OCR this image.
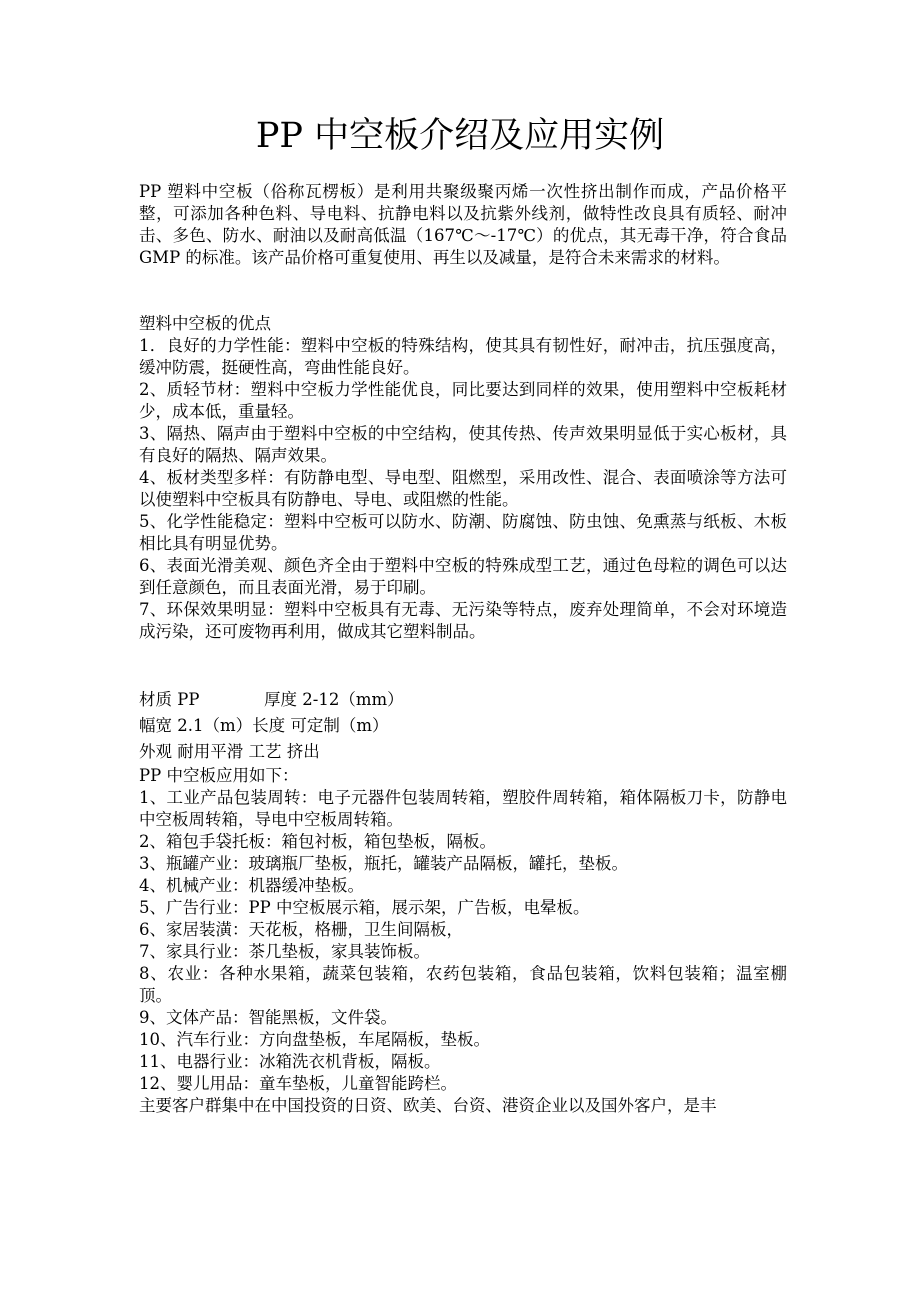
PP 中空板介绍及应用实例

PP 塑料中空板（俗称瓦楞板）是利用共聚级聚丙烯一次性挤出制作而成，产品价格平整，可添加各种色料、导电料、抗静电料以及抗紫外线剂，做特性改良具有质轻、耐冲击、多色、防水、耐油以及耐高低温（167℃～-17℃）的优点，其无毒干净，符合食品 GMP 的标准。该产品价格可重复使用、再生以及减量，是符合未来需求的材料。

塑料中空板的优点

1．良好的力学性能：塑料中空板的特殊结构，使其具有韧性好，耐冲击，抗压强度高，缓冲防震，挺硬性高，弯曲性能良好。

2、质轻节材：塑料中空板力学性能优良，同比要达到同样的效果，使用塑料中空板耗材少，成本低，重量轻。

3、隔热、隔声由于塑料中空板的中空结构，使其传热、传声效果明显低于实心板材，具有良好的隔热、隔声效果。

4、板材类型多样：有防静电型、导电型、阻燃型，采用改性、混合、表面喷涂等方法可以使塑料中空板具有防静电、导电、或阻燃的性能。

5、化学性能稳定：塑料中空板可以防水、防潮、防腐蚀、防虫蚀、免熏蒸与纸板、木板相比具有明显优势。

6、表面光滑美观、颜色齐全由于塑料中空板的特殊成型工艺，通过色母粒的调色可以达到任意颜色，而且表面光滑，易于印刷。

7、环保效果明显：塑料中空板具有无毒、无污染等特点，废弃处理简单，不会对环境造成污染，还可废物再利用，做成其它塑料制品。

材质 PP	厚度 2-12（mm）

幅宽 2.1（m）长度 可定制（m）

外观 耐用平滑 工艺 挤出

PP 中空板应用如下：

1、工业产品包装周转：电子元器件包装周转箱，塑胶件周转箱，箱体隔板刀卡，防静电中空板周转箱，导电中空板周转箱。

2、箱包手袋托板：箱包衬板，箱包垫板，隔板。

3、瓶罐产业：玻璃瓶厂垫板，瓶托，罐装产品隔板，罐托，垫板。

4、机械产业：机器缓冲垫板。

5、广告行业：PP 中空板展示箱，展示架，广告板，电晕板。

6、家居装潢：天花板，格栅，卫生间隔板，

7、家具行业：茶几垫板，家具装饰板。

8、农业：各种水果箱，蔬菜包装箱，农药包装箱，食品包装箱，饮料包装箱；温室棚顶。

9、文体产品：智能黑板，文件袋。

10、汽车行业：方向盘垫板，车尾隔板，垫板。

11、电器行业：冰箱洗衣机背板，隔板。

12、婴儿用品：童车垫板，儿童智能跨栏。

主要客户群集中在中国投资的日资、欧美、台资、港资企业以及国外客户，是丰
